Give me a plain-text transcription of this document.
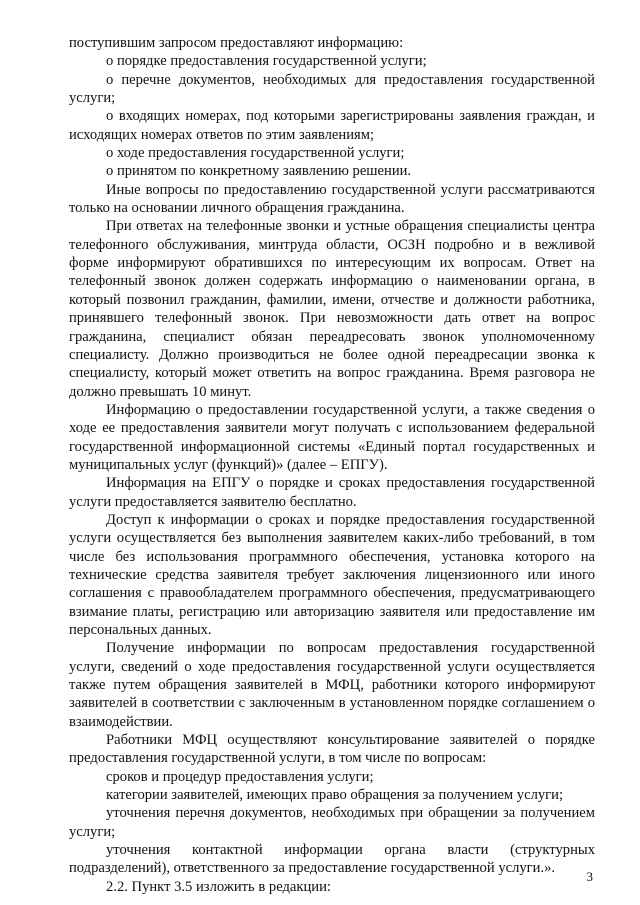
поступившим запросом предоставляют информацию:

о порядке предоставления государственной услуги;

о перечне документов, необходимых для предоставления государственной услуги;

о входящих номерах, под которыми зарегистрированы заявления граждан, и исходящих номерах ответов по этим заявлениям;

о ходе предоставления государственной услуги;

о принятом по конкретному заявлению решении.

Иные вопросы по предоставлению государственной услуги рассматриваются только на основании личного обращения гражданина.

При ответах на телефонные звонки и устные обращения специалисты центра телефонного обслуживания, минтруда области, ОСЗН подробно и в вежливой форме информируют обратившихся по интересующим их вопросам. Ответ на телефонный звонок должен содержать информацию о наименовании органа, в который позвонил гражданин, фамилии, имени, отчестве и должности работника, принявшего телефонный звонок. При невозможности дать ответ на вопрос гражданина, специалист обязан переадресовать звонок уполномоченному специалисту. Должно производиться не более одной переадресации звонка к специалисту, который может ответить на вопрос гражданина. Время разговора не должно превышать 10 минут.

Информацию о предоставлении государственной услуги, а также сведения о ходе ее предоставления заявители могут получать с использованием федеральной государственной информационной системы «Единый портал государственных и муниципальных услуг (функций)» (далее – ЕПГУ).

Информация на ЕПГУ о порядке и сроках предоставления государственной услуги предоставляется заявителю бесплатно.

Доступ к информации о сроках и порядке предоставления государственной услуги осуществляется без выполнения заявителем каких-либо требований, в том числе без использования программного обеспечения, установка которого на технические средства заявителя требует заключения лицензионного или иного соглашения с правообладателем программного обеспечения, предусматривающего взимание платы, регистрацию или авторизацию заявителя или предоставление им персональных данных.

Получение информации по вопросам предоставления государственной услуги, сведений о ходе предоставления государственной услуги осуществляется также путем обращения заявителей в МФЦ, работники которого информируют заявителей в соответствии с заключенным в установленном порядке соглашением о взаимодействии.

Работники МФЦ осуществляют консультирование заявителей о порядке предоставления государственной услуги, в том числе по вопросам:

сроков и процедур предоставления услуги;

категории заявителей, имеющих право обращения за получением услуги;

уточнения перечня документов, необходимых при обращении за получением услуги;

уточнения контактной информации органа власти (структурных подразделений), ответственного за предоставление государственной услуги.».

2.2. Пункт 3.5 изложить в редакции:

3
